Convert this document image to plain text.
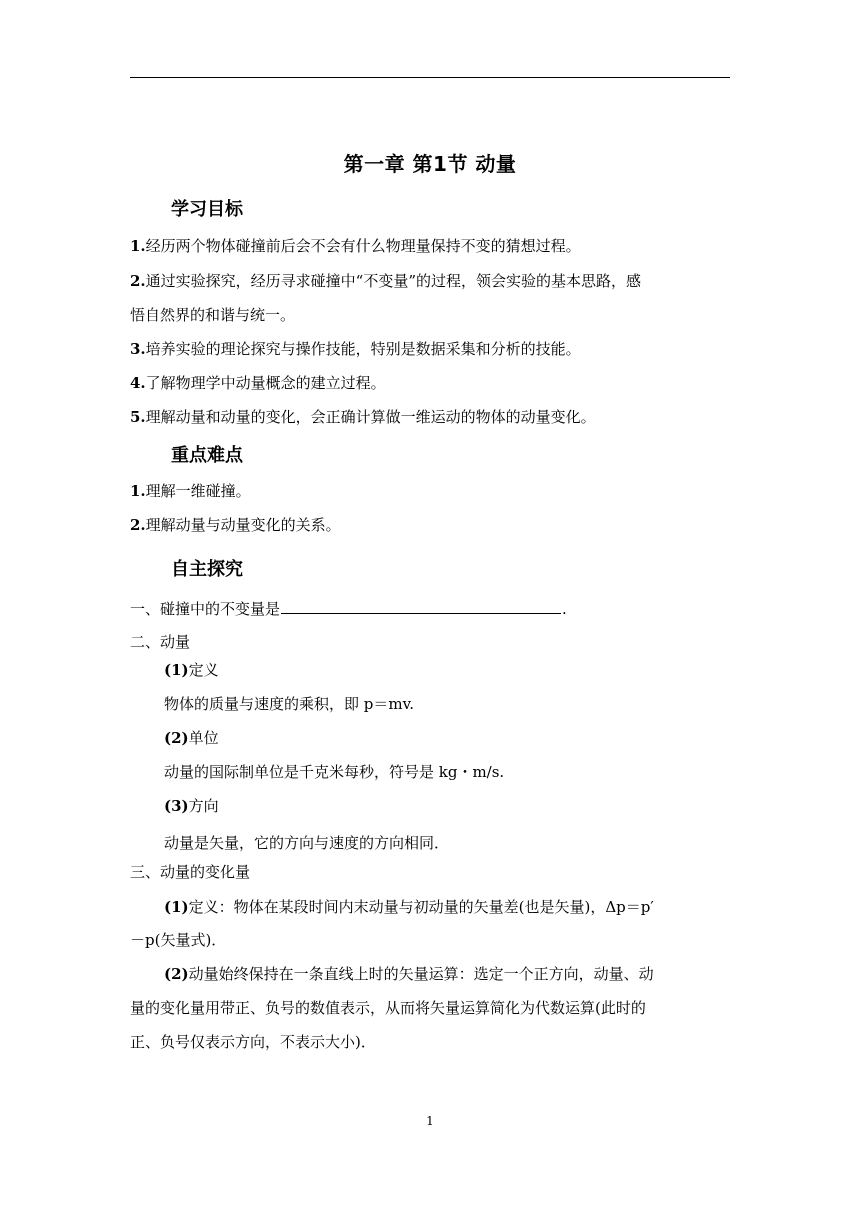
第一章 第1节 动量
学习目标
1.经历两个物体碰撞前后会不会有什么物理量保持不变的猜想过程。
2.通过实验探究，经历寻求碰撞中“不变量”的过程，领会实验的基本思路，感
悟自然界的和谐与统一。
3.培养实验的理论探究与操作技能，特别是数据采集和分析的技能。
4.了解物理学中动量概念的建立过程。
5.理解动量和动量的变化，会正确计算做一维运动的物体的动量变化。
重点难点
1.理解一维碰撞。
2.理解动量与动量变化的关系。
自主探究
一、碰撞中的不变量是	.
二、动量
(1)定义
物体的质量与速度的乘积，即 p＝mv.
(2)单位
动量的国际制单位是千克米每秒，符号是 kg・m/s.
(3)方向
动量是矢量，它的方向与速度的方向相同．
三、动量的变化量
(1)定义：物体在某段时间内末动量与初动量的矢量差(也是矢量)，Δp＝p′
－p(矢量式)．
(2)动量始终保持在一条直线上时的矢量运算：选定一个正方向，动量、动
量的变化量用带正、负号的数值表示，从而将矢量运算简化为代数运算(此时的
正、负号仅表示方向，不表示大小)．
1
